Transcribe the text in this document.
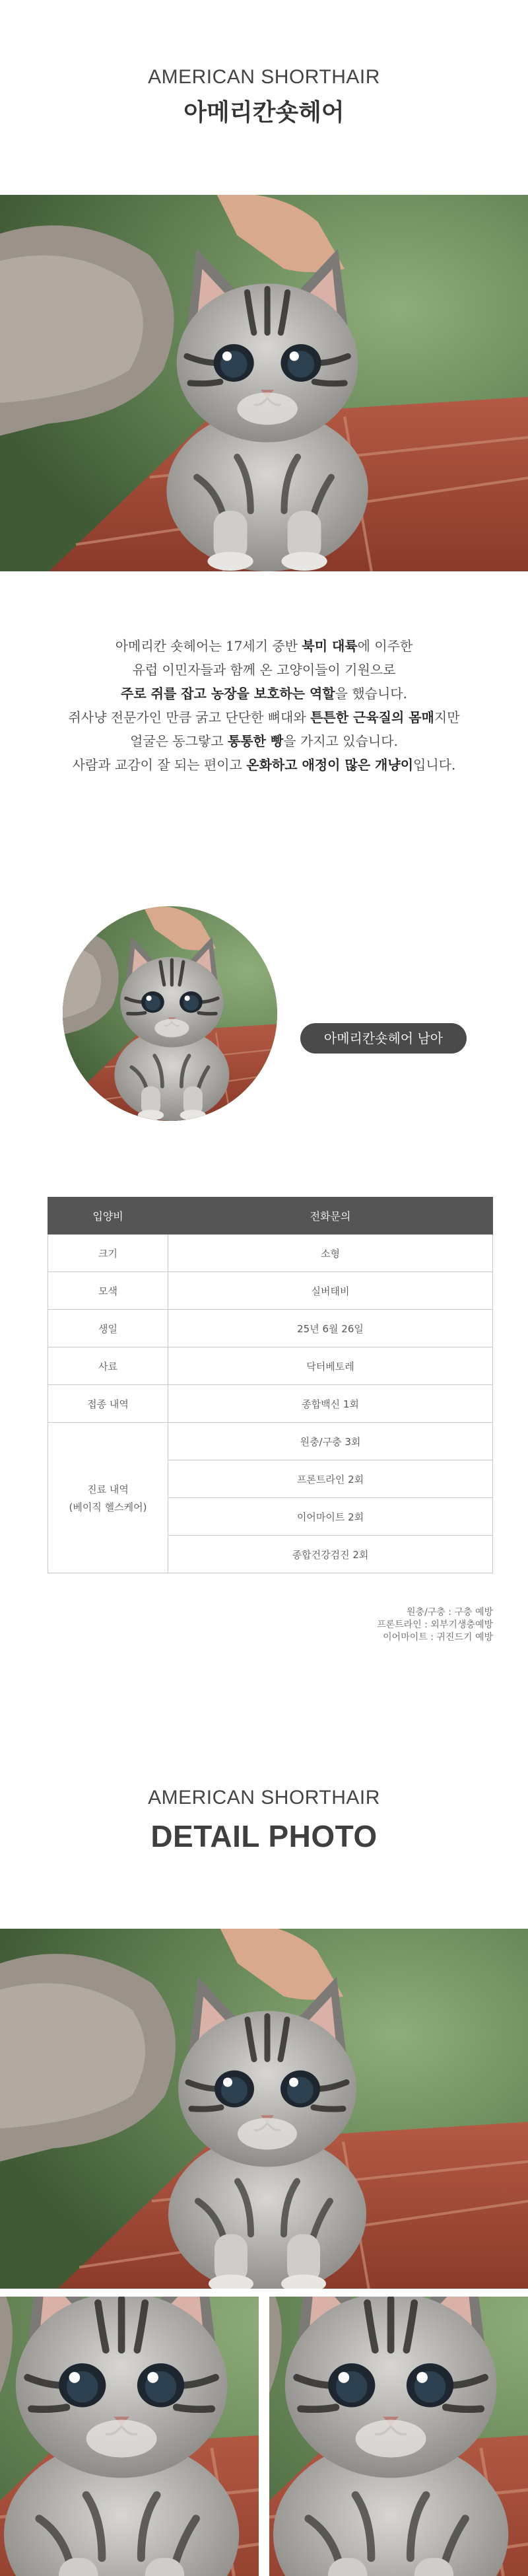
AMERICAN SHORTHAIR
아메리칸숏헤어
아메리칸 숏헤어는 17세기 중반 북미 대륙에 이주한
유럽 이민자들과 함께 온 고양이들이 기원으로
주로 쥐를 잡고 농장을 보호하는 역할을 했습니다.
쥐사냥 전문가인 만큼 굵고 단단한 뼈대와 튼튼한 근육질의 몸매지만
얼굴은 동그랗고 통통한 빵을 가지고 있습니다.
사람과 교감이 잘 되는 편이고 온화하고 애정이 많은 개냥이입니다.
아메리칸숏헤어 남아
입양비	전화문의
크기	소형
모색	실버태비
생일	25년 6월 26일
사료	닥터베토레
접종 내역	종합백신 1회

진료 내역
(베이직 헬스케어)	원충/구충 3회
	프론트라인 2회
	이어마이트 2회
	종합건강검진 2회
원충/구충 : 구충 예방
프론트라인 : 외부기생충예방
이어마이트 : 귀진드기 예방
AMERICAN SHORTHAIR
DETAIL PHOTO
